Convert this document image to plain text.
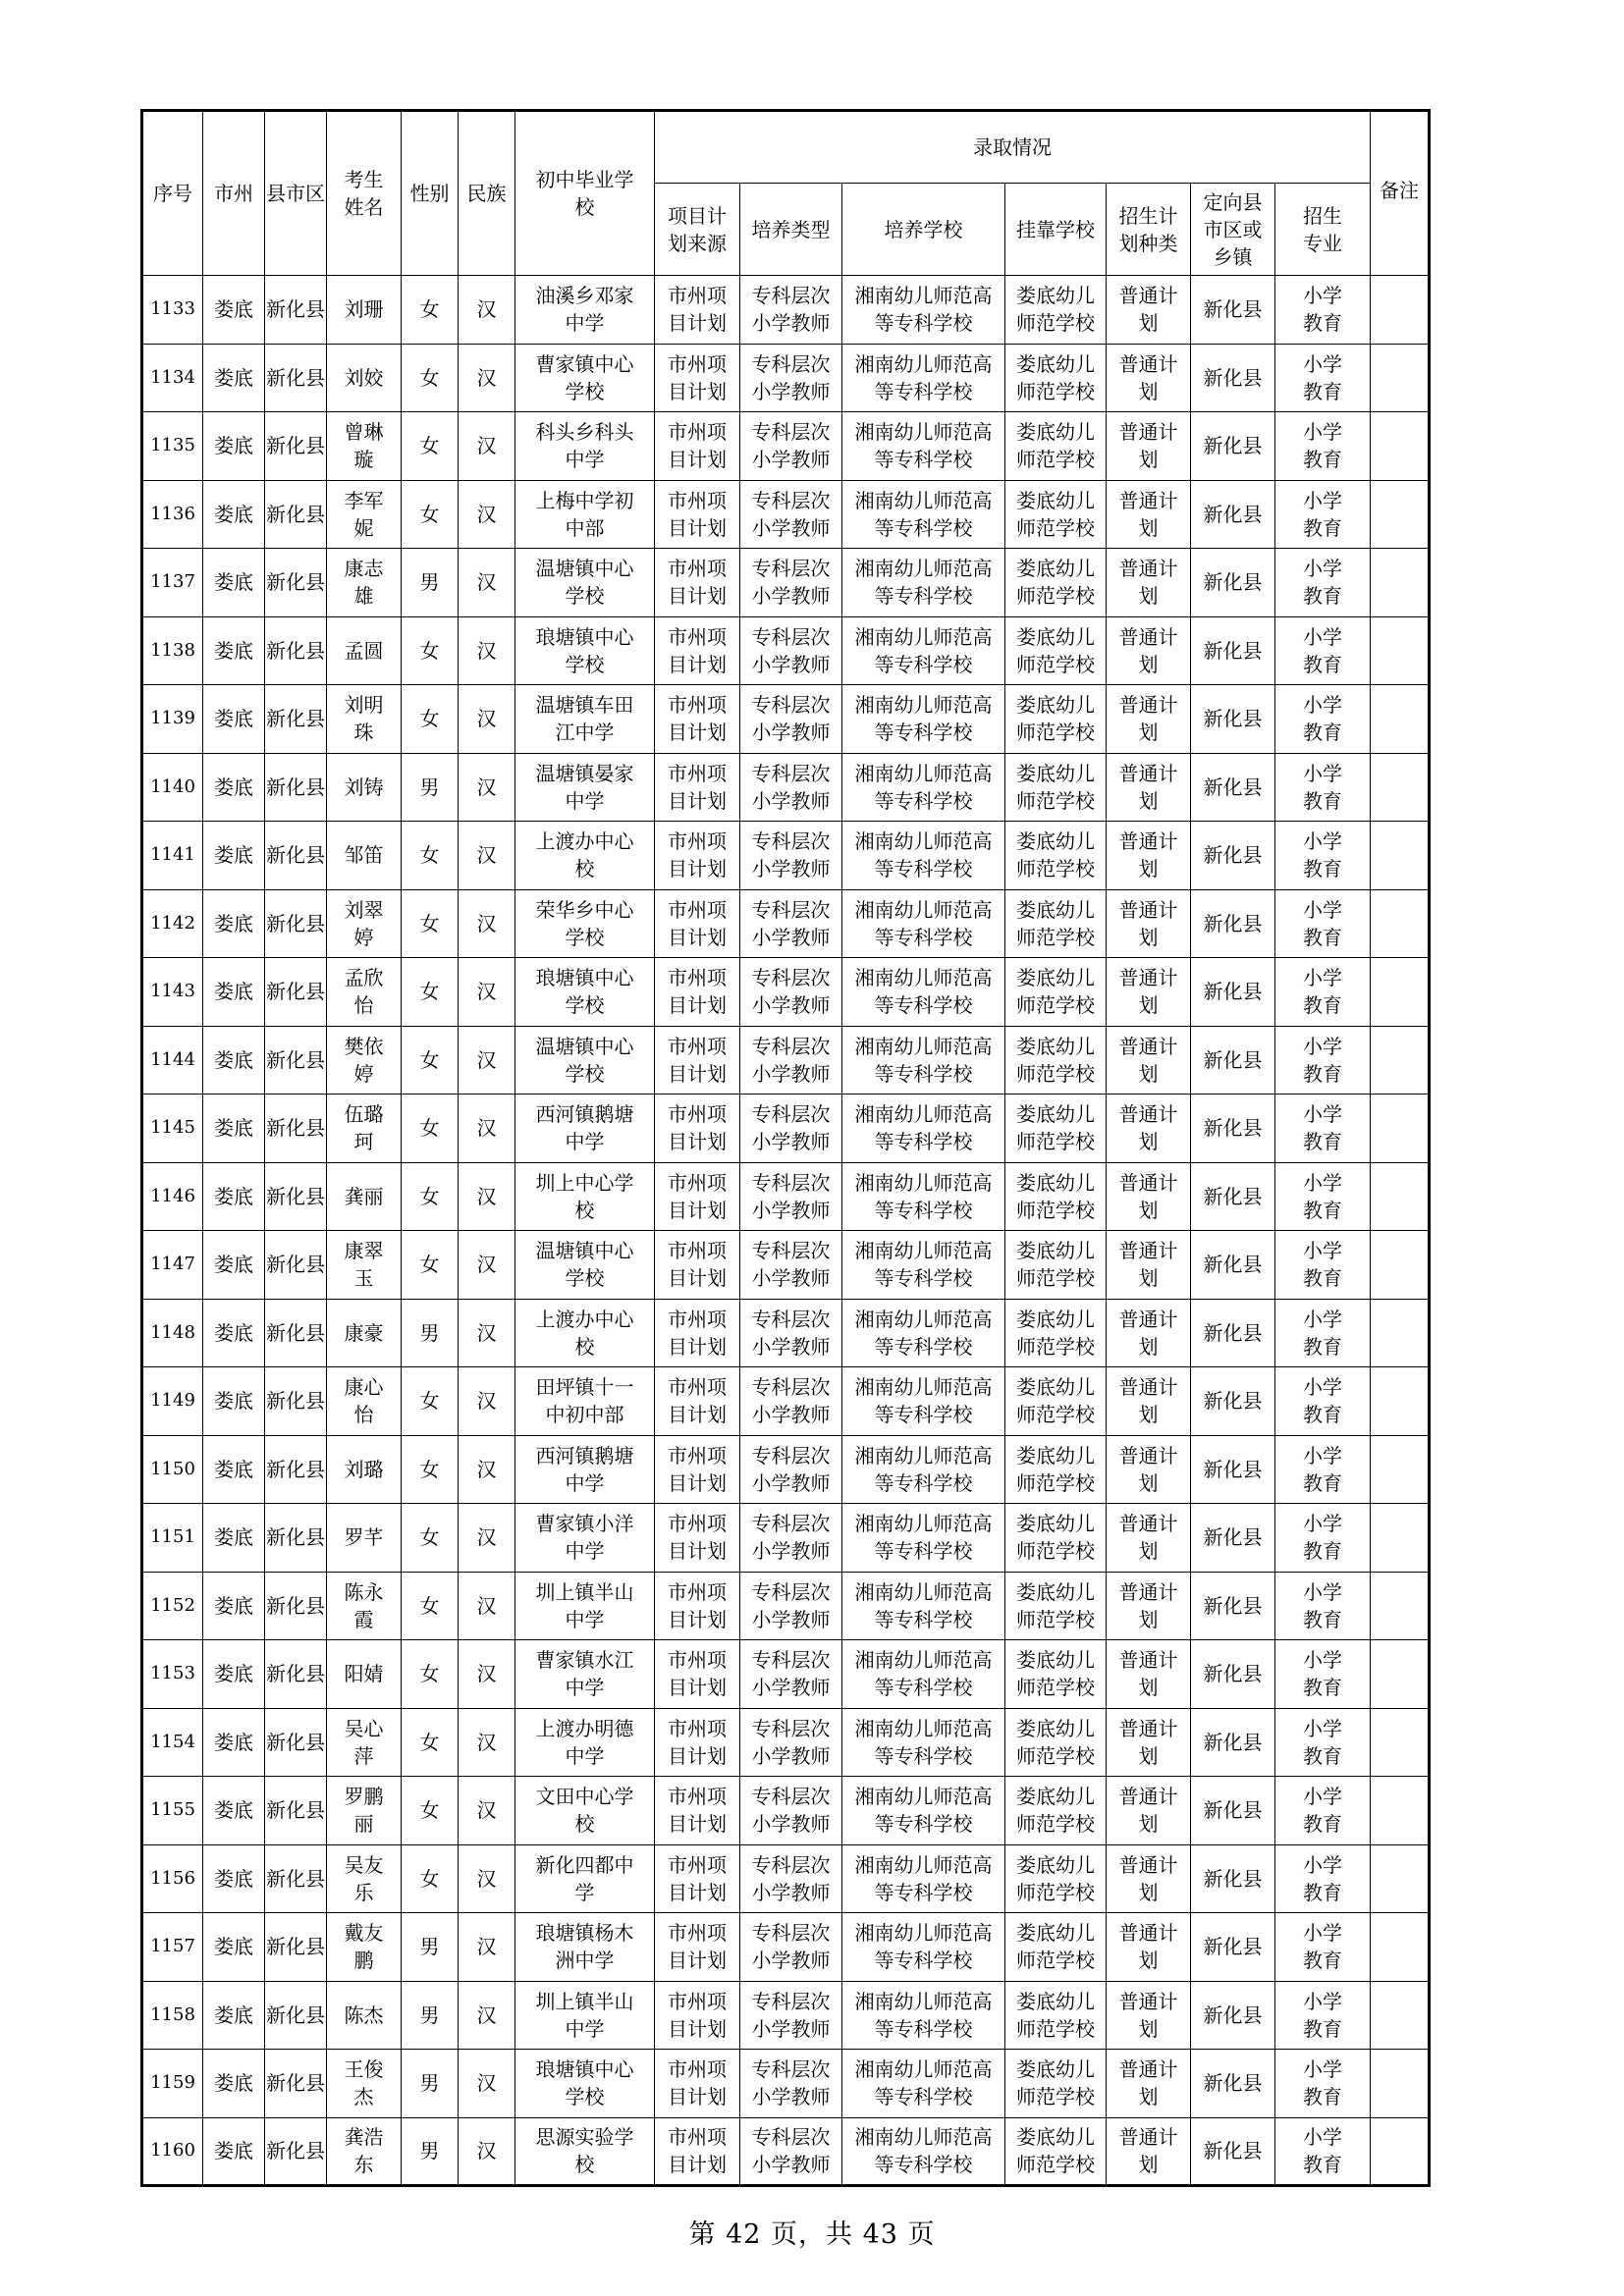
序号	市州	县市区	考生姓名	性别	民族	初中毕业学校	录取情况							备注

							项目计划来源	培养类型	培养学校	挂靠学校	招生计划种类	定向县市区或乡镇	招生专业	

1133	娄底	新化县	刘珊	女	汉	油溪乡邓家中学	市州项目计划	专科层次小学教师	湘南幼儿师范高等专科学校	娄底幼儿师范学校	普通计划	新化县	小学教育	

1134	娄底	新化县	刘姣	女	汉	曹家镇中心学校	市州项目计划	专科层次小学教师	湘南幼儿师范高等专科学校	娄底幼儿师范学校	普通计划	新化县	小学教育	

1135	娄底	新化县	曾琳璇	女	汉	科头乡科头中学	市州项目计划	专科层次小学教师	湘南幼儿师范高等专科学校	娄底幼儿师范学校	普通计划	新化县	小学教育	

1136	娄底	新化县	李军妮	女	汉	上梅中学初中部	市州项目计划	专科层次小学教师	湘南幼儿师范高等专科学校	娄底幼儿师范学校	普通计划	新化县	小学教育	

1137	娄底	新化县	康志雄	男	汉	温塘镇中心学校	市州项目计划	专科层次小学教师	湘南幼儿师范高等专科学校	娄底幼儿师范学校	普通计划	新化县	小学教育	

1138	娄底	新化县	孟圆	女	汉	琅塘镇中心学校	市州项目计划	专科层次小学教师	湘南幼儿师范高等专科学校	娄底幼儿师范学校	普通计划	新化县	小学教育	

1139	娄底	新化县	刘明珠	女	汉	温塘镇车田江中学	市州项目计划	专科层次小学教师	湘南幼儿师范高等专科学校	娄底幼儿师范学校	普通计划	新化县	小学教育	

1140	娄底	新化县	刘铸	男	汉	温塘镇晏家中学	市州项目计划	专科层次小学教师	湘南幼儿师范高等专科学校	娄底幼儿师范学校	普通计划	新化县	小学教育	

1141	娄底	新化县	邹笛	女	汉	上渡办中心校	市州项目计划	专科层次小学教师	湘南幼儿师范高等专科学校	娄底幼儿师范学校	普通计划	新化县	小学教育	

1142	娄底	新化县	刘翠婷	女	汉	荣华乡中心学校	市州项目计划	专科层次小学教师	湘南幼儿师范高等专科学校	娄底幼儿师范学校	普通计划	新化县	小学教育	

1143	娄底	新化县	孟欣怡	女	汉	琅塘镇中心学校	市州项目计划	专科层次小学教师	湘南幼儿师范高等专科学校	娄底幼儿师范学校	普通计划	新化县	小学教育	

1144	娄底	新化县	樊依婷	女	汉	温塘镇中心学校	市州项目计划	专科层次小学教师	湘南幼儿师范高等专科学校	娄底幼儿师范学校	普通计划	新化县	小学教育	

1145	娄底	新化县	伍璐珂	女	汉	西河镇鹅塘中学	市州项目计划	专科层次小学教师	湘南幼儿师范高等专科学校	娄底幼儿师范学校	普通计划	新化县	小学教育	

1146	娄底	新化县	龚丽	女	汉	圳上中心学校	市州项目计划	专科层次小学教师	湘南幼儿师范高等专科学校	娄底幼儿师范学校	普通计划	新化县	小学教育	

1147	娄底	新化县	康翠玉	女	汉	温塘镇中心学校	市州项目计划	专科层次小学教师	湘南幼儿师范高等专科学校	娄底幼儿师范学校	普通计划	新化县	小学教育	

1148	娄底	新化县	康豪	男	汉	上渡办中心校	市州项目计划	专科层次小学教师	湘南幼儿师范高等专科学校	娄底幼儿师范学校	普通计划	新化县	小学教育	

1149	娄底	新化县	康心怡	女	汉	田坪镇十一中初中部	市州项目计划	专科层次小学教师	湘南幼儿师范高等专科学校	娄底幼儿师范学校	普通计划	新化县	小学教育	

1150	娄底	新化县	刘璐	女	汉	西河镇鹅塘中学	市州项目计划	专科层次小学教师	湘南幼儿师范高等专科学校	娄底幼儿师范学校	普通计划	新化县	小学教育	

1151	娄底	新化县	罗芊	女	汉	曹家镇小洋中学	市州项目计划	专科层次小学教师	湘南幼儿师范高等专科学校	娄底幼儿师范学校	普通计划	新化县	小学教育	

1152	娄底	新化县	陈永霞	女	汉	圳上镇半山中学	市州项目计划	专科层次小学教师	湘南幼儿师范高等专科学校	娄底幼儿师范学校	普通计划	新化县	小学教育	

1153	娄底	新化县	阳婧	女	汉	曹家镇水江中学	市州项目计划	专科层次小学教师	湘南幼儿师范高等专科学校	娄底幼儿师范学校	普通计划	新化县	小学教育	

1154	娄底	新化县	吴心萍	女	汉	上渡办明德中学	市州项目计划	专科层次小学教师	湘南幼儿师范高等专科学校	娄底幼儿师范学校	普通计划	新化县	小学教育	

1155	娄底	新化县	罗鹏丽	女	汉	文田中心学校	市州项目计划	专科层次小学教师	湘南幼儿师范高等专科学校	娄底幼儿师范学校	普通计划	新化县	小学教育	

1156	娄底	新化县	吴友乐	女	汉	新化四都中学	市州项目计划	专科层次小学教师	湘南幼儿师范高等专科学校	娄底幼儿师范学校	普通计划	新化县	小学教育	

1157	娄底	新化县	戴友鹏	男	汉	琅塘镇杨木洲中学	市州项目计划	专科层次小学教师	湘南幼儿师范高等专科学校	娄底幼儿师范学校	普通计划	新化县	小学教育	

1158	娄底	新化县	陈杰	男	汉	圳上镇半山中学	市州项目计划	专科层次小学教师	湘南幼儿师范高等专科学校	娄底幼儿师范学校	普通计划	新化县	小学教育	

1159	娄底	新化县	王俊杰	男	汉	琅塘镇中心学校	市州项目计划	专科层次小学教师	湘南幼儿师范高等专科学校	娄底幼儿师范学校	普通计划	新化县	小学教育	

1160	娄底	新化县	龚浩东	男	汉	思源实验学校	市州项目计划	专科层次小学教师	湘南幼儿师范高等专科学校	娄底幼儿师范学校	普通计划	新化县	小学教育	

第 42 页，共 43 页
